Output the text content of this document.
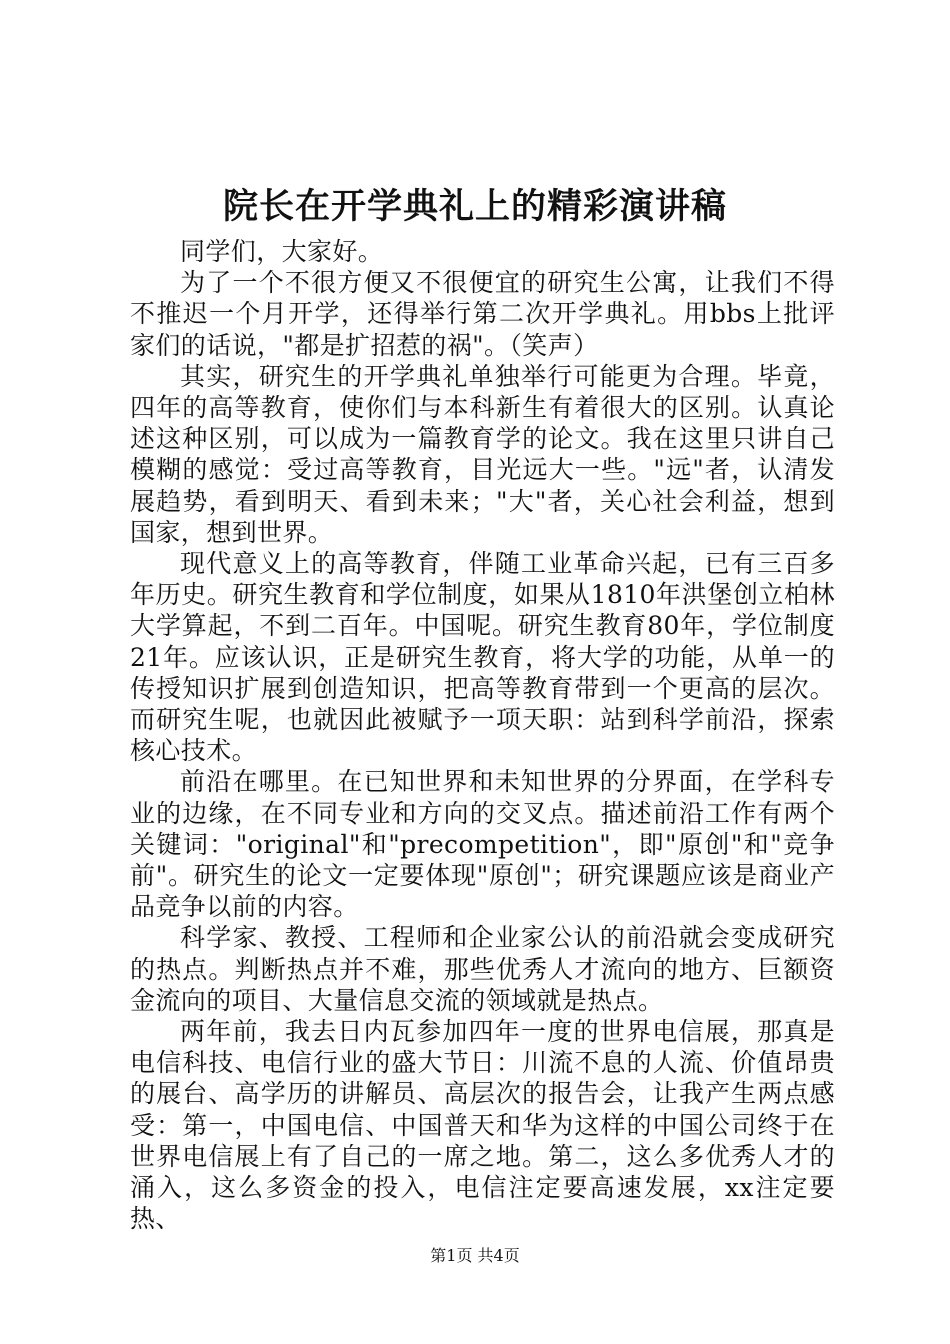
院长在开学典礼上的精彩演讲稿

同学们，大家好。

为了一个不很方便又不很便宜的研究生公寓，让我们不得不推迟一个月开学，还得举行第二次开学典礼。用bbs上批评家们的话说，"都是扩招惹的祸"。（笑声）

其实，研究生的开学典礼单独举行可能更为合理。毕竟，四年的高等教育，使你们与本科新生有着很大的区别。认真论述这种区别，可以成为一篇教育学的论文。我在这里只讲自己模糊的感觉：受过高等教育，目光远大一些。"远"者，认清发展趋势，看到明天、看到未来；"大"者，关心社会利益，想到国家，想到世界。

现代意义上的高等教育，伴随工业革命兴起，已有三百多年历史。研究生教育和学位制度，如果从1810年洪堡创立柏林大学算起，不到二百年。中国呢。研究生教育80年，学位制度21年。应该认识，正是研究生教育，将大学的功能，从单一的传授知识扩展到创造知识，把高等教育带到一个更高的层次。而研究生呢，也就因此被赋予一项天职：站到科学前沿，探索核心技术。

前沿在哪里。在已知世界和未知世界的分界面，在学科专业的边缘，在不同专业和方向的交叉点。描述前沿工作有两个关键词："original"和"precompetition"，即"原创"和"竞争前"。研究生的论文一定要体现"原创"；研究课题应该是商业产品竞争以前的内容。

科学家、教授、工程师和企业家公认的前沿就会变成研究的热点。判断热点并不难，那些优秀人才流向的地方、巨额资金流向的项目、大量信息交流的领域就是热点。

两年前，我去日内瓦参加四年一度的世界电信展，那真是电信科技、电信行业的盛大节日：川流不息的人流、价值昂贵的展台、高学历的讲解员、高层次的报告会，让我产生两点感受：第一，中国电信、中国普天和华为这样的中国公司终于在世界电信展上有了自己的一席之地。第二，这么多优秀人才的涌入，这么多资金的投入，电信注定要高速发展，xx注定要热、

第1页 共4页
